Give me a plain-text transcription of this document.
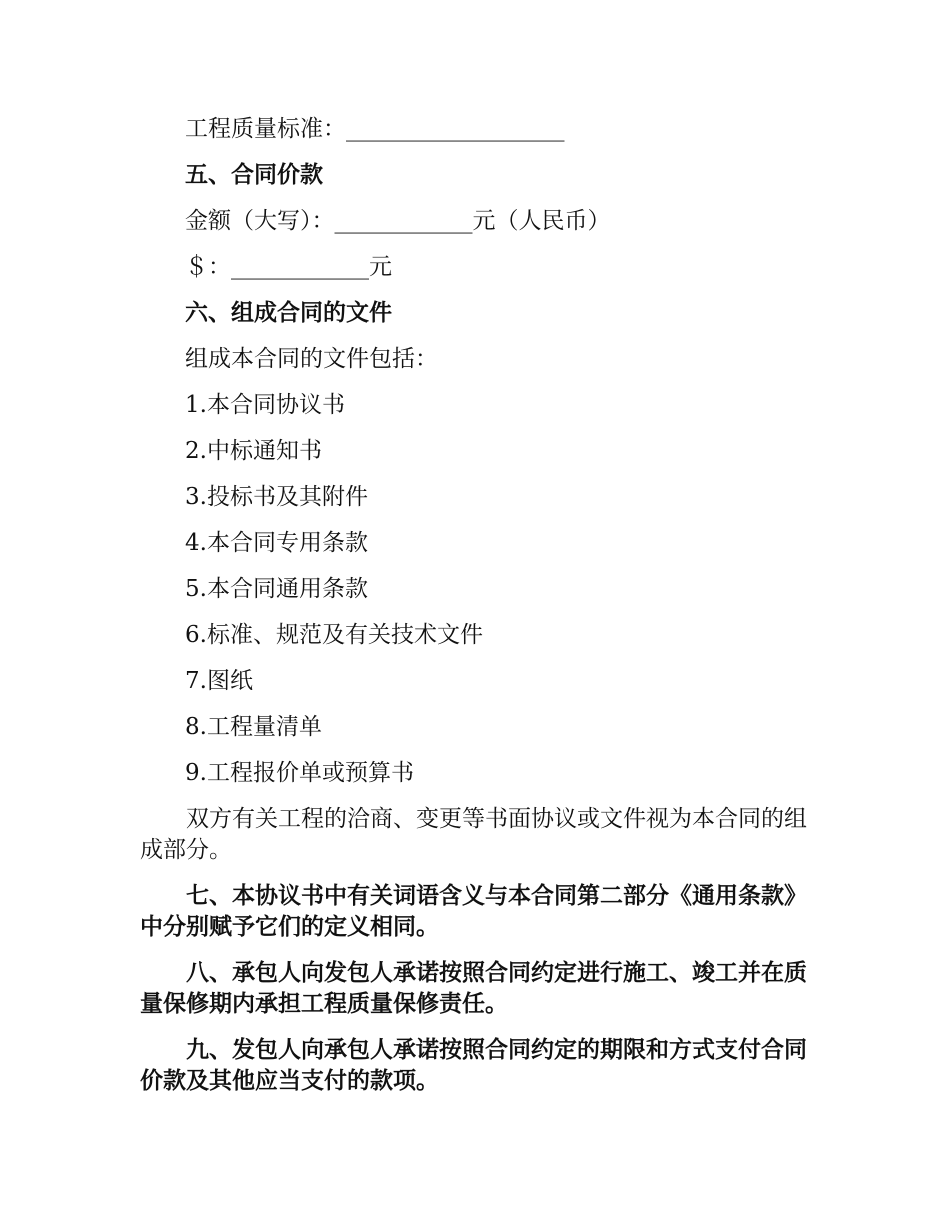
工程质量标准：___________________
五、合同价款
金额（大写）：____________元（人民币）
＄：____________元
六、组成合同的文件
组成本合同的文件包括：
1.本合同协议书
2.中标通知书
3.投标书及其附件
4.本合同专用条款
5.本合同通用条款
6.标准、规范及有关技术文件
7.图纸
8.工程量清单
9.工程报价单或预算书
双方有关工程的洽商、变更等书面协议或文件视为本合同的组成部分。
七、本协议书中有关词语含义与本合同第二部分《通用条款》中分别赋予它们的定义相同。
八、承包人向发包人承诺按照合同约定进行施工、竣工并在质量保修期内承担工程质量保修责任。
九、发包人向承包人承诺按照合同约定的期限和方式支付合同价款及其他应当支付的款项。
